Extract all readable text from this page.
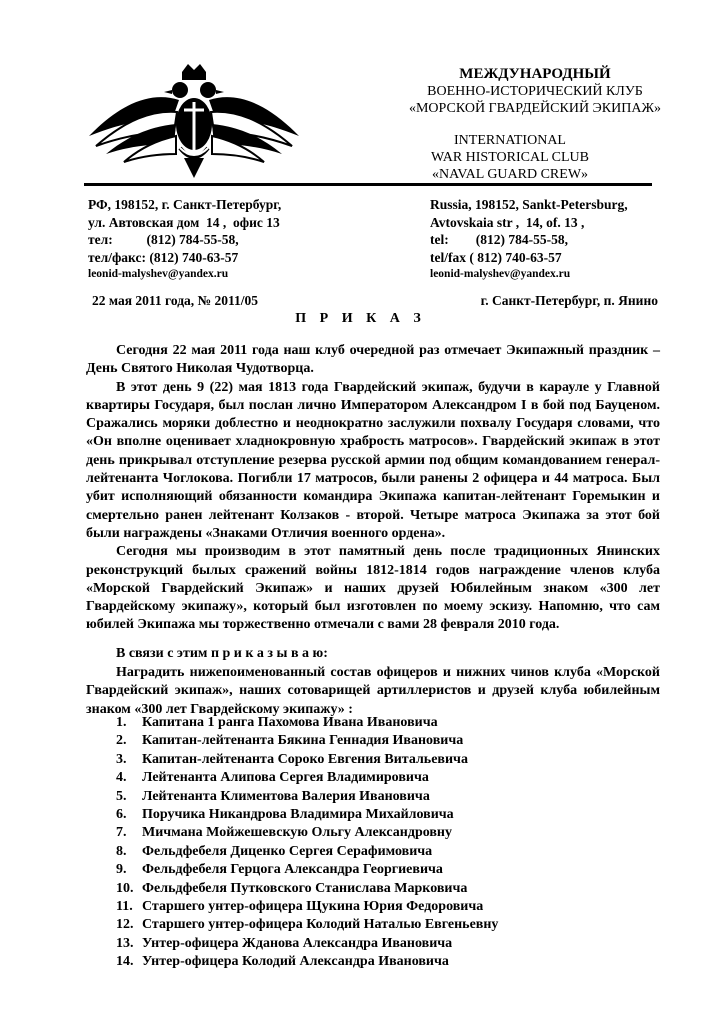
МЕЖДУНАРОДНЫЙ
ВОЕННО-ИСТОРИЧЕСКИЙ КЛУБ
«МОРСКОЙ ГВАРДЕЙСКИЙ ЭКИПАЖ»
INTERNATIONAL
WAR HISTORICAL CLUB
«NAVAL GUARD CREW»
РФ, 198152, г. Санкт-Петербург,
ул. Автовская дом  14 ,  офис 13
тел:          (812) 784-55-58,
тел/факс: (812) 740-63-57
leonid-malyshev@yandex.ru
Russia, 198152, Sankt-Petersburg,
Avtovskaia str ,  14, of. 13 ,
tel:        (812) 784-55-58,
tel/fax ( 812) 740-63-57
leonid-malyshev@yandex.ru
22 мая 2011 года, № 2011/05	г. Санкт-Петербург, п. Янино
П Р И К А З

Сегодня 22 мая 2011 года наш клуб очередной раз отмечает Экипажный праздник – День Святого Николая Чудотворца.

В этот день 9 (22) мая 1813 года Гвардейский экипаж, будучи в карауле у Главной квартиры Государя, был послан лично Императором Александром I в бой под Бауценом. Сражались моряки доблестно и неоднократно заслужили похвалу Государя словами, что «Он вполне оценивает хладнокровную храбрость матросов». Гвардейский экипаж в этот день прикрывал отступление резерва русской армии под общим командованием генерал-лейтенанта Чоглокова. Погибли 17 матросов, были ранены 2 офицера и 44 матроса. Был убит исполняющий обязанности командира Экипажа капитан-лейтенант Горемыкин и смертельно ранен лейтенант Колзаков - второй. Четыре матроса Экипажа за этот бой были награждены «Знаками Отличия военного ордена».

Сегодня мы производим в этот памятный день после традиционных Янинских реконструкций былых сражений войны 1812-1814 годов награждение членов клуба «Морской Гвардейский Экипаж» и наших друзей Юбилейным знаком «300 лет Гвардейскому экипажу», который был изготовлен по моему эскизу. Напомню, что сам юбилей Экипажа мы торжественно отмечали с вами 28 февраля 2010 года.

В связи с этим п р и к а з ы в а ю:
Наградить нижепоименованный состав офицеров и нижних чинов клуба «Морской Гвардейский экипаж», наших сотоварищей артиллеристов и друзей клуба юбилейным знаком «300 лет Гвардейскому экипажу» :
1. Капитана 1 ранга Пахомова Ивана Ивановича
2. Капитан-лейтенанта Бякина Геннадия Ивановича
3. Капитан-лейтенанта Сороко Евгения Витальевича
4. Лейтенанта Алипова Сергея Владимировича
5. Лейтенанта Климентова Валерия Ивановича
6. Поручика Никандрова Владимира Михайловича
7. Мичмана Мойжешевскую Ольгу Александровну
8. Фельдфебеля Диценко Сергея Серафимовича
9. Фельдфебеля Герцога Александра Георгиевича
10. Фельдфебеля Путковского Станислава Марковича
11. Старшего унтер-офицера Щукина Юрия Федоровича
12. Старшего унтер-офицера Колодий Наталью Евгеньевну
13. Унтер-офицера Жданова Александра Ивановича
14. Унтер-офицера Колодий Александра Ивановича
